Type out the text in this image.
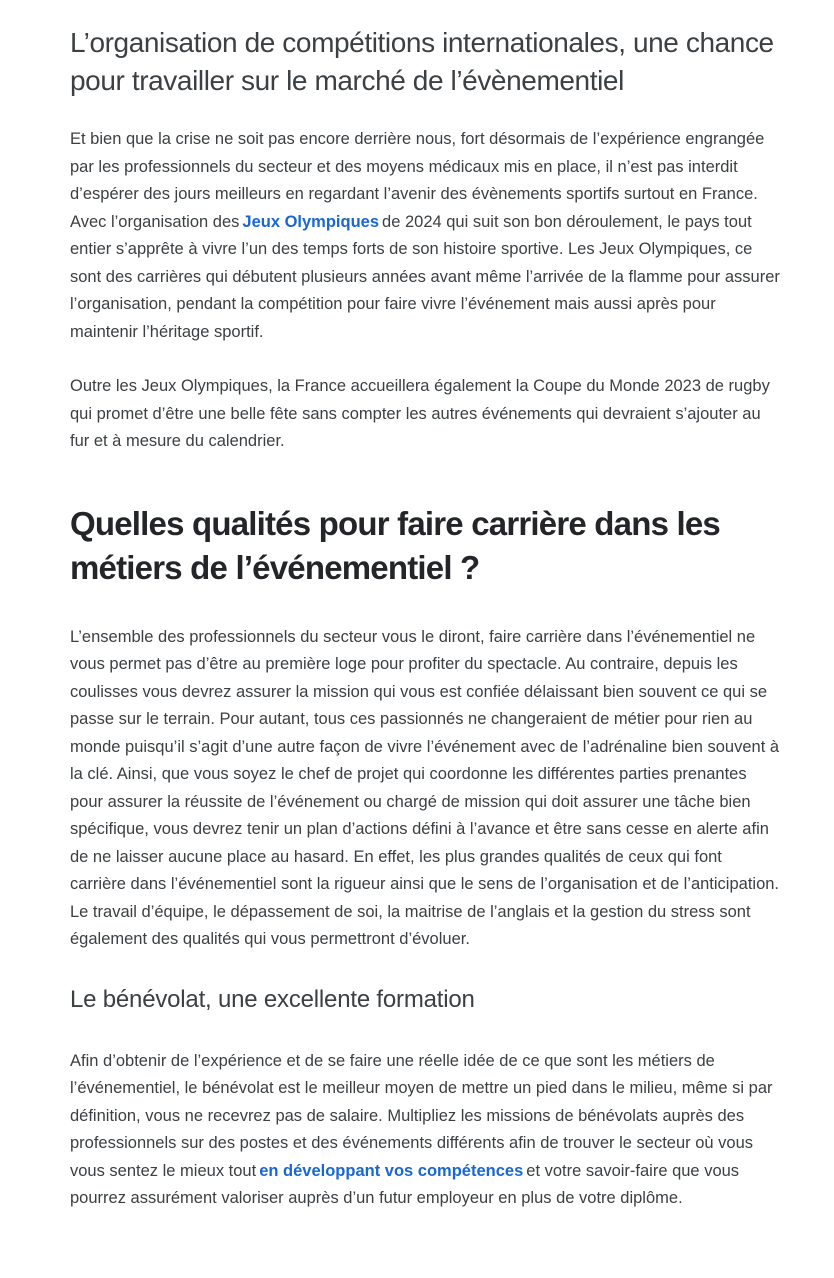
L’organisation de compétitions internationales, une chance pour travailler sur le marché de l’évènementiel

Et bien que la crise ne soit pas encore derrière nous, fort désormais de l’expérience engrangée par les professionnels du secteur et des moyens médicaux mis en place, il n’est pas interdit d’espérer des jours meilleurs en regardant l’avenir des évènements sportifs surtout en France. Avec l’organisation des Jeux Olympiques de 2024 qui suit son bon déroulement, le pays tout entier s’apprête à vivre l’un des temps forts de son histoire sportive. Les Jeux Olympiques, ce sont des carrières qui débutent plusieurs années avant même l’arrivée de la flamme pour assurer l’organisation, pendant la compétition pour faire vivre l’événement mais aussi après pour maintenir l’héritage sportif.

Outre les Jeux Olympiques, la France accueillera également la Coupe du Monde 2023 de rugby qui promet d’être une belle fête sans compter les autres événements qui devraient s’ajouter au fur et à mesure du calendrier.

Quelles qualités pour faire carrière dans les métiers de l’événementiel ?

L’ensemble des professionnels du secteur vous le diront, faire carrière dans l’événementiel ne vous permet pas d’être au première loge pour profiter du spectacle. Au contraire, depuis les coulisses vous devrez assurer la mission qui vous est confiée délaissant bien souvent ce qui se passe sur le terrain. Pour autant, tous ces passionnés ne changeraient de métier pour rien au monde puisqu’il s’agit d’une autre façon de vivre l’événement avec de l’adrénaline bien souvent à la clé. Ainsi, que vous soyez le chef de projet qui coordonne les différentes parties prenantes pour assurer la réussite de l’événement ou chargé de mission qui doit assurer une tâche bien spécifique, vous devrez tenir un plan d’actions défini à l’avance et être sans cesse en alerte afin de ne laisser aucune place au hasard. En effet, les plus grandes qualités de ceux qui font carrière dans l’événementiel sont la rigueur ainsi que le sens de l’organisation et de l’anticipation. Le travail d’équipe, le dépassement de soi, la maitrise de l’anglais et la gestion du stress sont également des qualités qui vous permettront d’évoluer.

Le bénévolat, une excellente formation

Afin d’obtenir de l’expérience et de se faire une réelle idée de ce que sont les métiers de l’événementiel, le bénévolat est le meilleur moyen de mettre un pied dans le milieu, même si par définition, vous ne recevrez pas de salaire. Multipliez les missions de bénévolats auprès des professionnels sur des postes et des événements différents afin de trouver le secteur où vous vous sentez le mieux tout en développant vos compétences et votre savoir-faire que vous pourrez assurément valoriser auprès d’un futur employeur en plus de votre diplôme.
